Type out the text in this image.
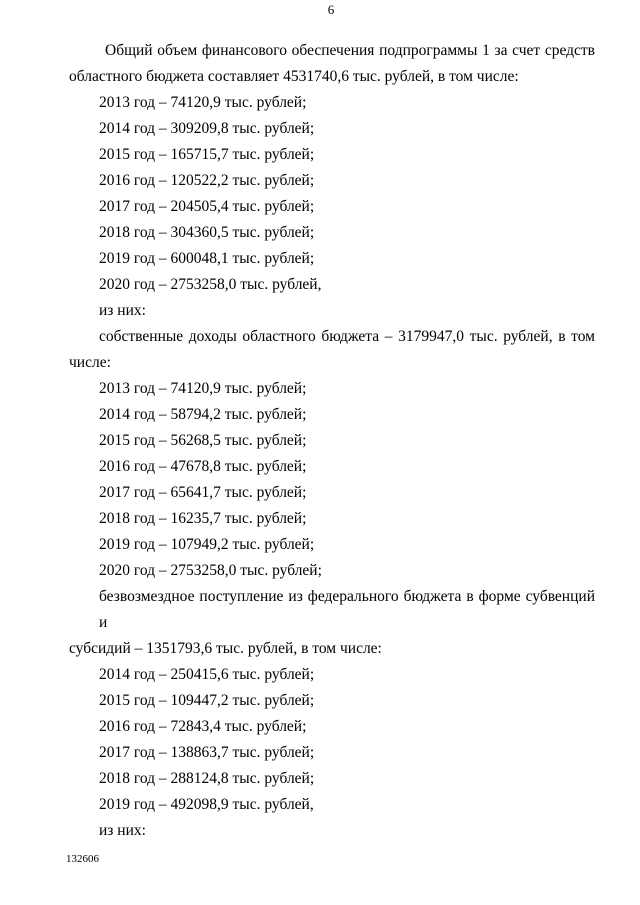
6

Общий объем финансового обеспечения подпрограммы 1 за счет средств
областного бюджета составляет 4531740,6 тыс. рублей, в том числе:

2013 год – 74120,9 тыс. рублей;
2014 год – 309209,8 тыс. рублей;
2015 год – 165715,7 тыс. рублей;
2016 год – 120522,2 тыс. рублей;
2017 год – 204505,4 тыс. рублей;
2018 год – 304360,5 тыс. рублей;
2019 год – 600048,1 тыс. рублей;
2020 год – 2753258,0 тыс. рублей,
из них:

собственные доходы областного бюджета – 3179947,0 тыс. рублей, в том
числе:

2013 год – 74120,9 тыс. рублей;
2014 год – 58794,2 тыс. рублей;
2015 год – 56268,5 тыс. рублей;
2016 год – 47678,8 тыс. рублей;
2017 год – 65641,7 тыс. рублей;
2018 год – 16235,7 тыс. рублей;
2019 год – 107949,2 тыс. рублей;
2020 год – 2753258,0 тыс. рублей;

безвозмездное поступление из федерального бюджета в форме субвенций и
субсидий – 1351793,6 тыс. рублей, в том числе:

2014 год – 250415,6 тыс. рублей;
2015 год – 109447,2 тыс. рублей;
2016 год – 72843,4 тыс. рублей;
2017 год – 138863,7 тыс. рублей;
2018 год – 288124,8 тыс. рублей;
2019 год – 492098,9 тыс. рублей,
из них:
132606
